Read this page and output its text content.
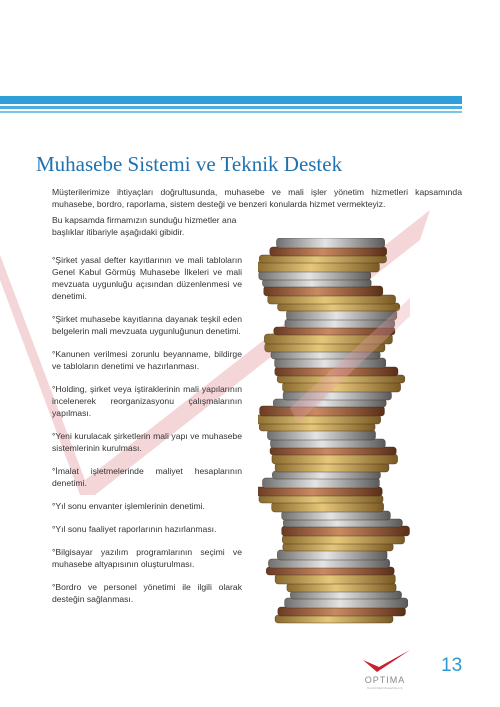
Muhasebe Sistemi ve Teknik Destek

Müşterilerimize ihtiyaçları doğrultusunda, muhasebe ve mali işler yönetim hizmetleri kapsamında muhasebe, bordro, raporlama, sistem desteği ve benzeri konularda hizmet vermekteyiz.

Bu kapsamda firmamızın sunduğu hizmetler ana başlıklar itibariyle aşağıdaki gibidir.

°Şirket yasal defter kayıtlarının ve mali tabloların Genel Kabul Görmüş Muhasebe İlkeleri ve mali mevzuata uygunluğu açısından düzenlenmesi ve denetimi.

°Şirket muhasebe kayıtlarına dayanak teşkil eden belgelerin mali mevzuata uygunluğunun denetimi.

°Kanunen verilmesi zorunlu beyanname, bildirge ve tabloların denetimi ve hazırlanması.

°Holding, şirket veya iştiraklerinin mali yapılarının incelenerek reorganizasyonu çalışmalarının yapılması.

°Yeni kurulacak şirketlerin mali yapı ve muhasebe sistemlerinin kurulması.

°İmalat işletmelerinde maliyet hesaplarının denetimi.

°Yıl sonu envanter işlemlerinin denetimi.

°Yıl sonu faaliyet raporlarının hazırlanması.

°Bilgisayar yazılım programlarının seçimi ve muhasebe altyapısının oluşturulması.

°Bordro ve personel yönetimi ile ilgili olarak desteğin sağlanması.

OPTIMA
Yeminli Mali Müşavirlik A.Ş.
13
